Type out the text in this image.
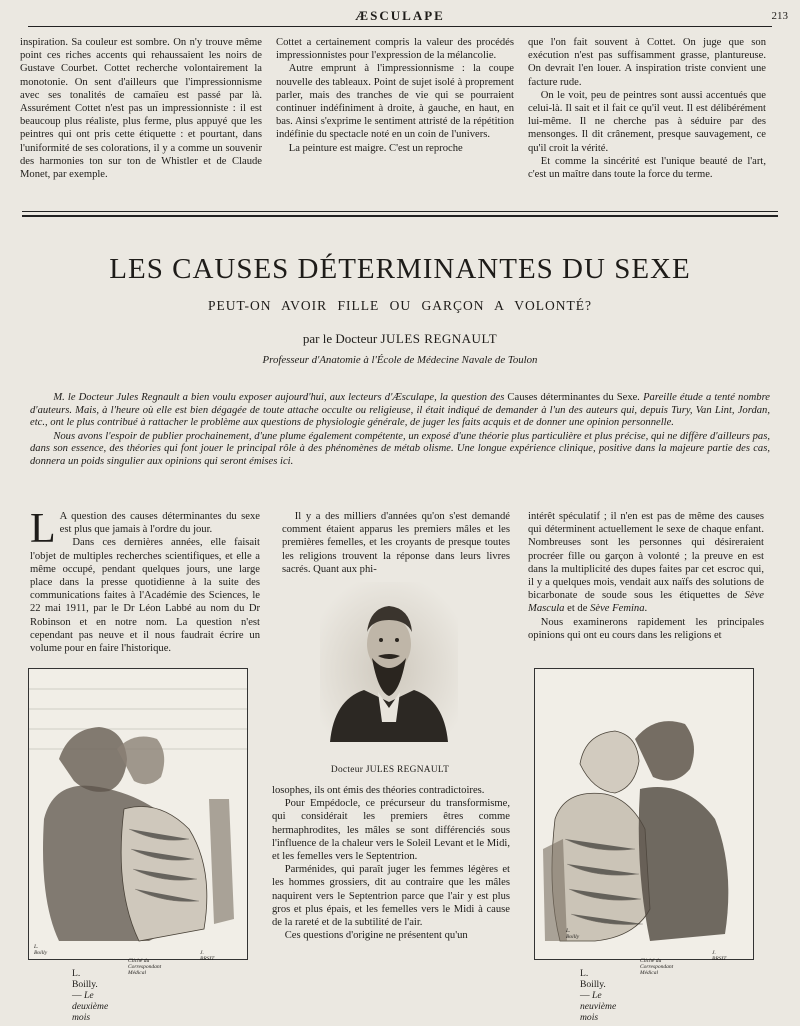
ÆSCULAPE	213

inspiration. Sa couleur est sombre. On n'y trouve même point ces riches accents qui rehaussaient les noirs de Gustave Courbet. Cottet recherche volontairement la monotonie. On sent d'ailleurs que l'impressionnisme avec ses tonalités de camaïeu est passé par là. Assurément Cottet n'est pas un impressionniste : il est beaucoup plus réaliste, plus ferme, plus appuyé que les peintres qui ont pris cette étiquette : et pourtant, dans l'uniformité de ses colorations, il y a comme un souvenir des harmonies ton sur ton de Whistler et de Claude Monet, par exemple.

Cottet a certainement compris la valeur des procédés impressionnistes pour l'expression de la mélancolie.

Autre emprunt à l'impressionnisme : la coupe nouvelle des tableaux. Point de sujet isolé à proprement parler, mais des tranches de vie qui se pourraient continuer indéfiniment à droite, à gauche, en haut, en bas. Ainsi s'exprime le sentiment attristé de la répétition indéfinie du spectacle noté en un coin de l'univers.

La peinture est maigre. C'est un reproche

que l'on fait souvent à Cottet. On juge que son exécution n'est pas suffisamment grasse, plantureuse. On devrait l'en louer. A inspiration triste convient une facture rude.

On le voit, peu de peintres sont aussi accentués que celui-là. Il sait et il fait ce qu'il veut. Il est délibérément lui-même. Il ne cherche pas à séduire par des mensonges. Il dit crânement, presque sauvagement, ce qu'il croit la vérité.

Et comme la sincérité est l'unique beauté de l'art, c'est un maître dans toute la force du terme.

LES CAUSES DÉTERMINANTES DU SEXE
PEUT-ON AVOIR FILLE OU GARÇON A VOLONTÉ?
par le Docteur JULES REGNAULT
Professeur d'Anatomie à l'École de Médecine Navale de Toulon

M. le Docteur Jules Regnault a bien voulu exposer aujourd'hui, aux lecteurs d'Æsculape, la question des Causes déterminantes du Sexe. Pareille étude a tenté nombre d'auteurs. Mais, à l'heure où elle est bien dégagée de toute attache occulte ou religieuse, il était indiqué de demander à l'un des auteurs qui, depuis Tury, Van Lint, Jordan, etc., ont le plus contribué à rattacher le problème aux questions de physiologie générale, de juger les faits acquis et de donner une opinion personnelle.

Nous avons l'espoir de publier prochainement, d'une plume également compétente, un exposé d'une théorie plus particulière et plus précise, qui ne diffère d'ailleurs pas, dans son essence, des théories qui font jouer le principal rôle à des phénomènes de métab olisme. Une longue expérience clinique, positive dans la majeure partie des cas, donnera un poids singulier aux opinions qui seront émises ici.

L A question des causes déterminantes du sexe est plus que jamais à l'ordre du jour.

Dans ces dernières années, elle faisait l'objet de multiples recherches scientifiques, et elle a même occupé, pendant quelques jours, une large place dans la presse quotidienne à la suite des communications faites à l'Académie des Sciences, le 22 mai 1911, par le Dr Léon Labbé au nom du Dr Robinson et en notre nom. La question n'est cependant pas neuve et il nous faudrait écrire un volume pour en faire l'historique.

Il y a des milliers d'années qu'on s'est demandé comment étaient apparus les premiers mâles et les premières femelles, et les croyants de presque toutes les religions trouvent la réponse dans leurs livres sacrés. Quant aux phi-

losophes, ils ont émis des théories contradictoires.

Pour Empédocle, ce précurseur du transformisme, qui considérait les premiers êtres comme hermaphrodites, les mâles se sont différenciés sous l'influence de la chaleur vers le Soleil Levant et le Midi, et les femelles vers le Septentrion.

Parménides, qui paraît juger les femmes légères et les hommes grossiers, dit au contraire que les mâles naquirent vers le Septentrion parce que l'air y est plus gros et plus épais, et les femelles vers le Midi à cause de la rareté et de la subtilité de l'air.

Ces questions d'origine ne présentent qu'un

intérêt spéculatif ; il n'en est pas de même des causes qui déterminent actuellement le sexe de chaque enfant. Nombreuses sont les personnes qui désireraient procréer fille ou garçon à volonté ; la preuve en est dans la multiplicité des dupes faites par cet escroc qui, il y a quelques mois, vendait aux naïfs des solutions de bicarbonate de soude sous les étiquettes de Sève Mascula et de Sève Femina.

Nous examinerons rapidement les principales opinions qui ont eu cours dans les religions et

L. Boilly	J. BRSIT
Cliché du Correspondant Médical
L. Boilly. — Le deuxième mois
Docteur JULES REGNAULT
L. Boilly
J. BRSIT
Cliché du Correspondant Médical
L. Boilly. — Le neuvième mois
